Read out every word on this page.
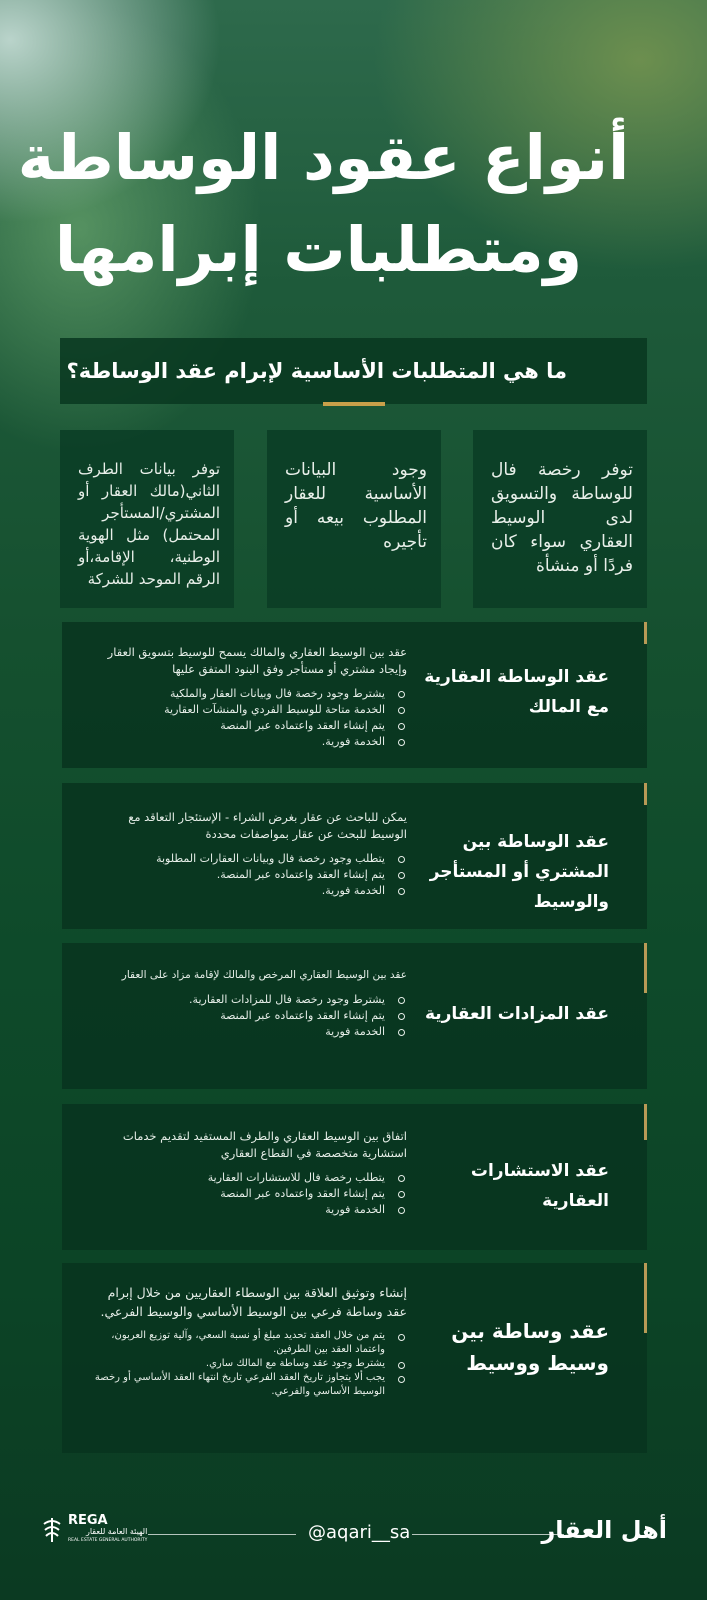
أنواع عقود الوساطة
ومتطلبات إبرامها
ما هي المتطلبات الأساسية لإبرام عقد الوساطة؟
توفر رخصة فال للوساطة والتسويق لدى الوسيط العقاري سواء كان فردًا أو منشأة
وجود البيانات الأساسية للعقار المطلوب بيعه أو تأجيره
توفر بيانات الطرف الثاني(مالك العقار أو المشتري/المستأجر المحتمل) مثل الهوية الوطنية، الإقامة،أو الرقم الموحد للشركة
عقد الوساطة العقارية مع المالك
عقد بين الوسيط العقاري والمالك يسمح للوسيط بتسويق العقار وإيجاد مشتري أو مستأجر وفق البنود المتفق عليها
يشترط وجود رخصة فال وبيانات العقار والملكية
الخدمة متاحة للوسيط الفردي والمنشآت العقارية
يتم إنشاء العقد واعتماده عبر المنصة
الخدمة فورية.
عقد الوساطة بين المشتري أو المستأجر والوسيط
يمكن للباحث عن عقار بغرض الشراء - الإستئجار التعاقد مع الوسيط للبحث عن عقار بمواصفات محددة
يتطلب وجود رخصة فال وبيانات العقارات المطلوبة
يتم إنشاء العقد واعتماده عبر المنصة.
الخدمة فورية.
عقد المزادات العقارية
عقد بين الوسيط العقاري المرخص والمالك لإقامة مزاد على العقار
يشترط وجود رخصة فال للمزادات العقارية.
يتم إنشاء العقد واعتماده عبر المنصة
الخدمة فورية
عقد الاستشارات العقارية
اتفاق بين الوسيط العقاري والطرف المستفيد لتقديم خدمات استشارية متخصصة في القطاع العقاري
يتطلب رخصة فال للاستشارات العقارية
يتم إنشاء العقد واعتماده عبر المنصة
الخدمة فورية
عقد وساطة بين وسيط ووسيط
إنشاء وتوثيق العلاقة بين الوسطاء العقاريين من خلال إبرام عقد وساطة فرعي بين الوسيط الأساسي والوسيط الفرعي.
يتم من خلال العقد تحديد مبلغ أو نسبة السعي، وآلية توزيع العربون، واعتماد العقد بين الطرفين.
يشترط وجود عقد وساطة مع المالك ساري.
يجب ألا يتجاوز تاريخ العقد الفرعي تاريخ انتهاء العقد الأساسي أو رخصة الوسيط الأساسي والفرعي.
REGA
الهيئة العامة للعقار
REAL ESTATE GENERAL AUTHORITY	@aqari__sa	أهل العقار
